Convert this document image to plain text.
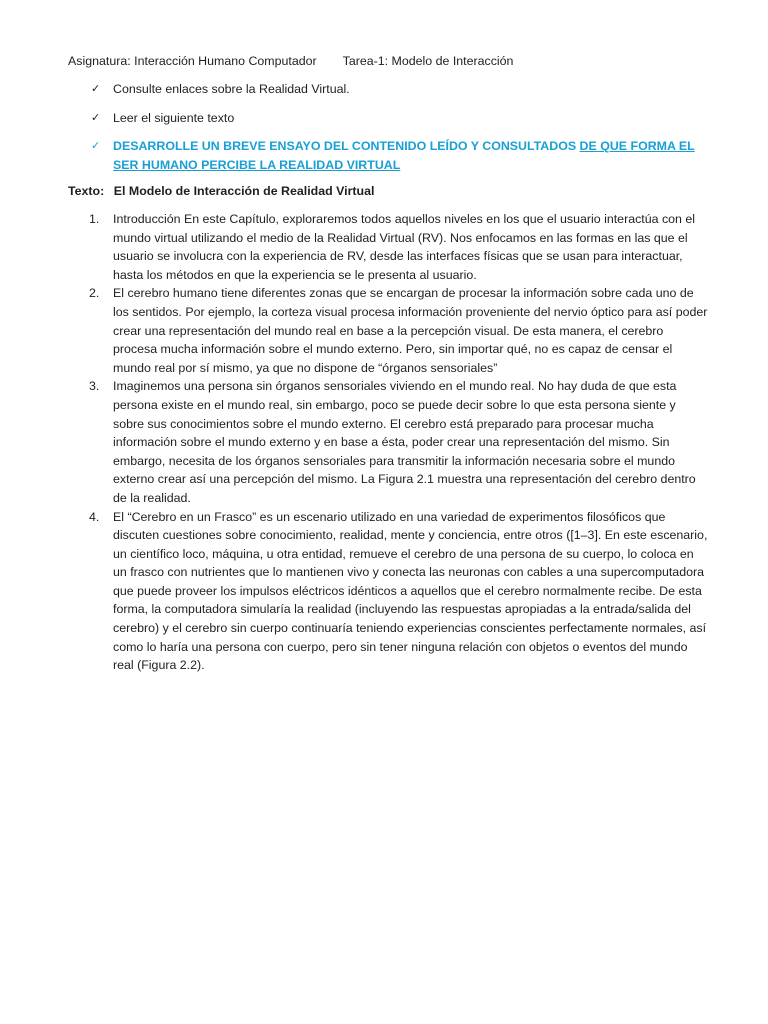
Asignatura: Interacción Humano Computador Tarea-1: Modelo de Interacción
✓ Consulte enlaces sobre la Realidad Virtual.
✓ Leer el siguiente texto
✓ DESARROLLE UN BREVE ENSAYO DEL CONTENIDO LEÍDO Y CONSULTADOS DE QUE FORMA EL SER HUMANO PERCIBE LA REALIDAD VIRTUAL
Texto: El Modelo de Interacción de Realidad Virtual
1. Introducción En este Capítulo, exploraremos todos aquellos niveles en los que el usuario interactúa con el mundo virtual utilizando el medio de la Realidad Virtual (RV). Nos enfocamos en las formas en las que el usuario se involucra con la experiencia de RV, desde las interfaces físicas que se usan para interactuar, hasta los métodos en que la experiencia se le presenta al usuario.
2. El cerebro humano tiene diferentes zonas que se encargan de procesar la información sobre cada uno de los sentidos. Por ejemplo, la corteza visual procesa información proveniente del nervio óptico para así poder crear una representación del mundo real en base a la percepción visual. De esta manera, el cerebro procesa mucha información sobre el mundo externo. Pero, sin importar qué, no es capaz de censar el mundo real por sí mismo, ya que no dispone de “órganos sensoriales”
3. Imaginemos una persona sin órganos sensoriales viviendo en el mundo real. No hay duda de que esta persona existe en el mundo real, sin embargo, poco se puede decir sobre lo que esta persona siente y sobre sus conocimientos sobre el mundo externo. El cerebro está preparado para procesar mucha información sobre el mundo externo y en base a ésta, poder crear una representación del mismo. Sin embargo, necesita de los órganos sensoriales para transmitir la información necesaria sobre el mundo externo crear así una percepción del mismo. La Figura 2.1 muestra una representación del cerebro dentro de la realidad.
4. El “Cerebro en un Frasco” es un escenario utilizado en una variedad de experimentos filosóficos que discuten cuestiones sobre conocimiento, realidad, mente y conciencia, entre otros ([1–3]. En este escenario, un científico loco, máquina, u otra entidad, remueve el cerebro de una persona de su cuerpo, lo coloca en un frasco con nutrientes que lo mantienen vivo y conecta las neuronas con cables a una supercomputadora que puede proveer los impulsos eléctricos idénticos a aquellos que el cerebro normalmente recibe. De esta forma, la computadora simularía la realidad (incluyendo las respuestas apropiadas a la entrada/salida del cerebro) y el cerebro sin cuerpo continuaría teniendo experiencias conscientes perfectamente normales, así como lo haría una persona con cuerpo, pero sin tener ninguna relación con objetos o eventos del mundo real (Figura 2.2).
